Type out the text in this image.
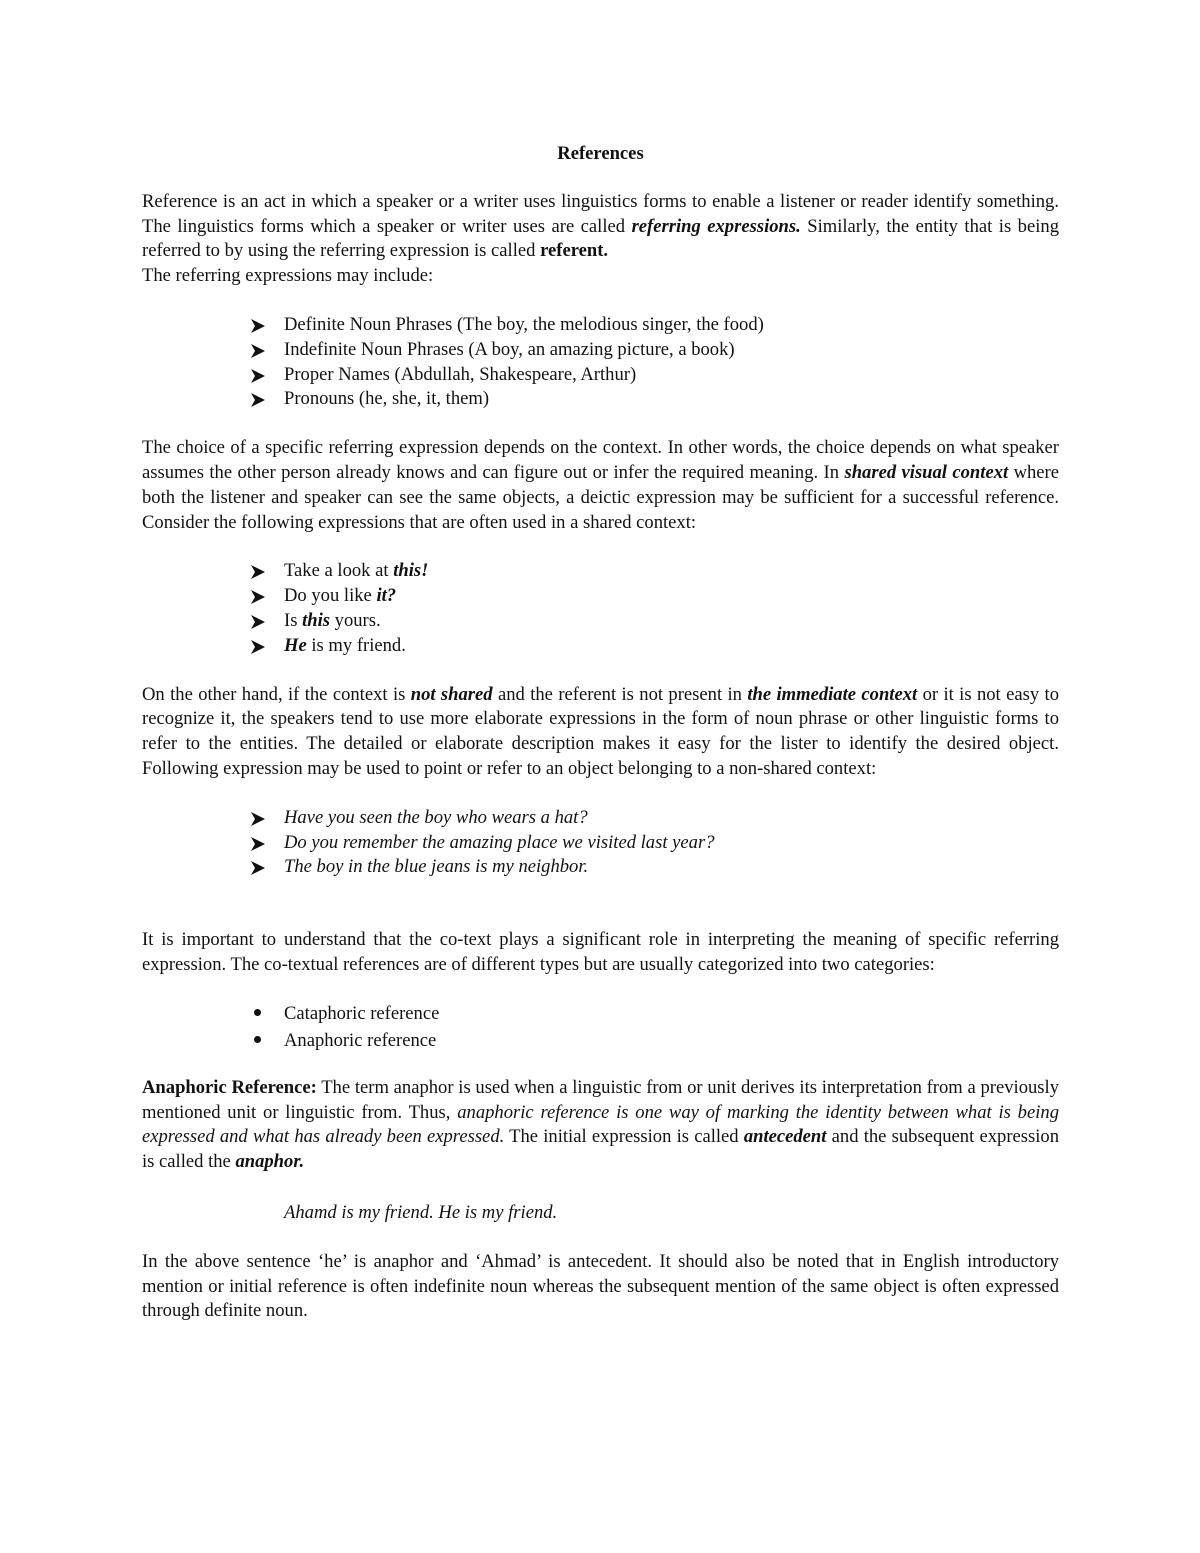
References

Reference is an act in which a speaker or a writer uses linguistics forms to enable a listener or reader identify something. The linguistics forms which a speaker or writer uses are called referring expressions. Similarly, the entity that is being referred to by using the referring expression is called referent.

The referring expressions may include:

Definite Noun Phrases (The boy, the melodious singer, the food)
Indefinite Noun Phrases (A boy, an amazing picture, a book)
Proper Names (Abdullah, Shakespeare, Arthur)
Pronouns (he, she, it, them)

The choice of a specific referring expression depends on the context. In other words, the choice depends on what speaker assumes the other person already knows and can figure out or infer the required meaning. In shared visual context where both the listener and speaker can see the same objects, a deictic expression may be sufficient for a successful reference. Consider the following expressions that are often used in a shared context:

Take a look at this!
Do you like it?
Is this yours.
He is my friend.

On the other hand, if the context is not shared and the referent is not present in the immediate context or it is not easy to recognize it, the speakers tend to use more elaborate expressions in the form of noun phrase or other linguistic forms to refer to the entities. The detailed or elaborate description makes it easy for the lister to identify the desired object. Following expression may be used to point or refer to an object belonging to a non-shared context:

Have you seen the boy who wears a hat?
Do you remember the amazing place we visited last year?
The boy in the blue jeans is my neighbor.

It is important to understand that the co-text plays a significant role in interpreting the meaning of specific referring expression. The co-textual references are of different types but are usually categorized into two categories:

Cataphoric reference
Anaphoric reference

Anaphoric Reference: The term anaphor is used when a linguistic from or unit derives its interpretation from a previously mentioned unit or linguistic from. Thus, anaphoric reference is one way of marking the identity between what is being expressed and what has already been expressed. The initial expression is called antecedent and the subsequent expression is called the anaphor.

Ahamd is my friend. He is my friend.

In the above sentence ‘he’ is anaphor and ‘Ahmad’ is antecedent. It should also be noted that in English introductory mention or initial reference is often indefinite noun whereas the subsequent mention of the same object is often expressed through definite noun.
